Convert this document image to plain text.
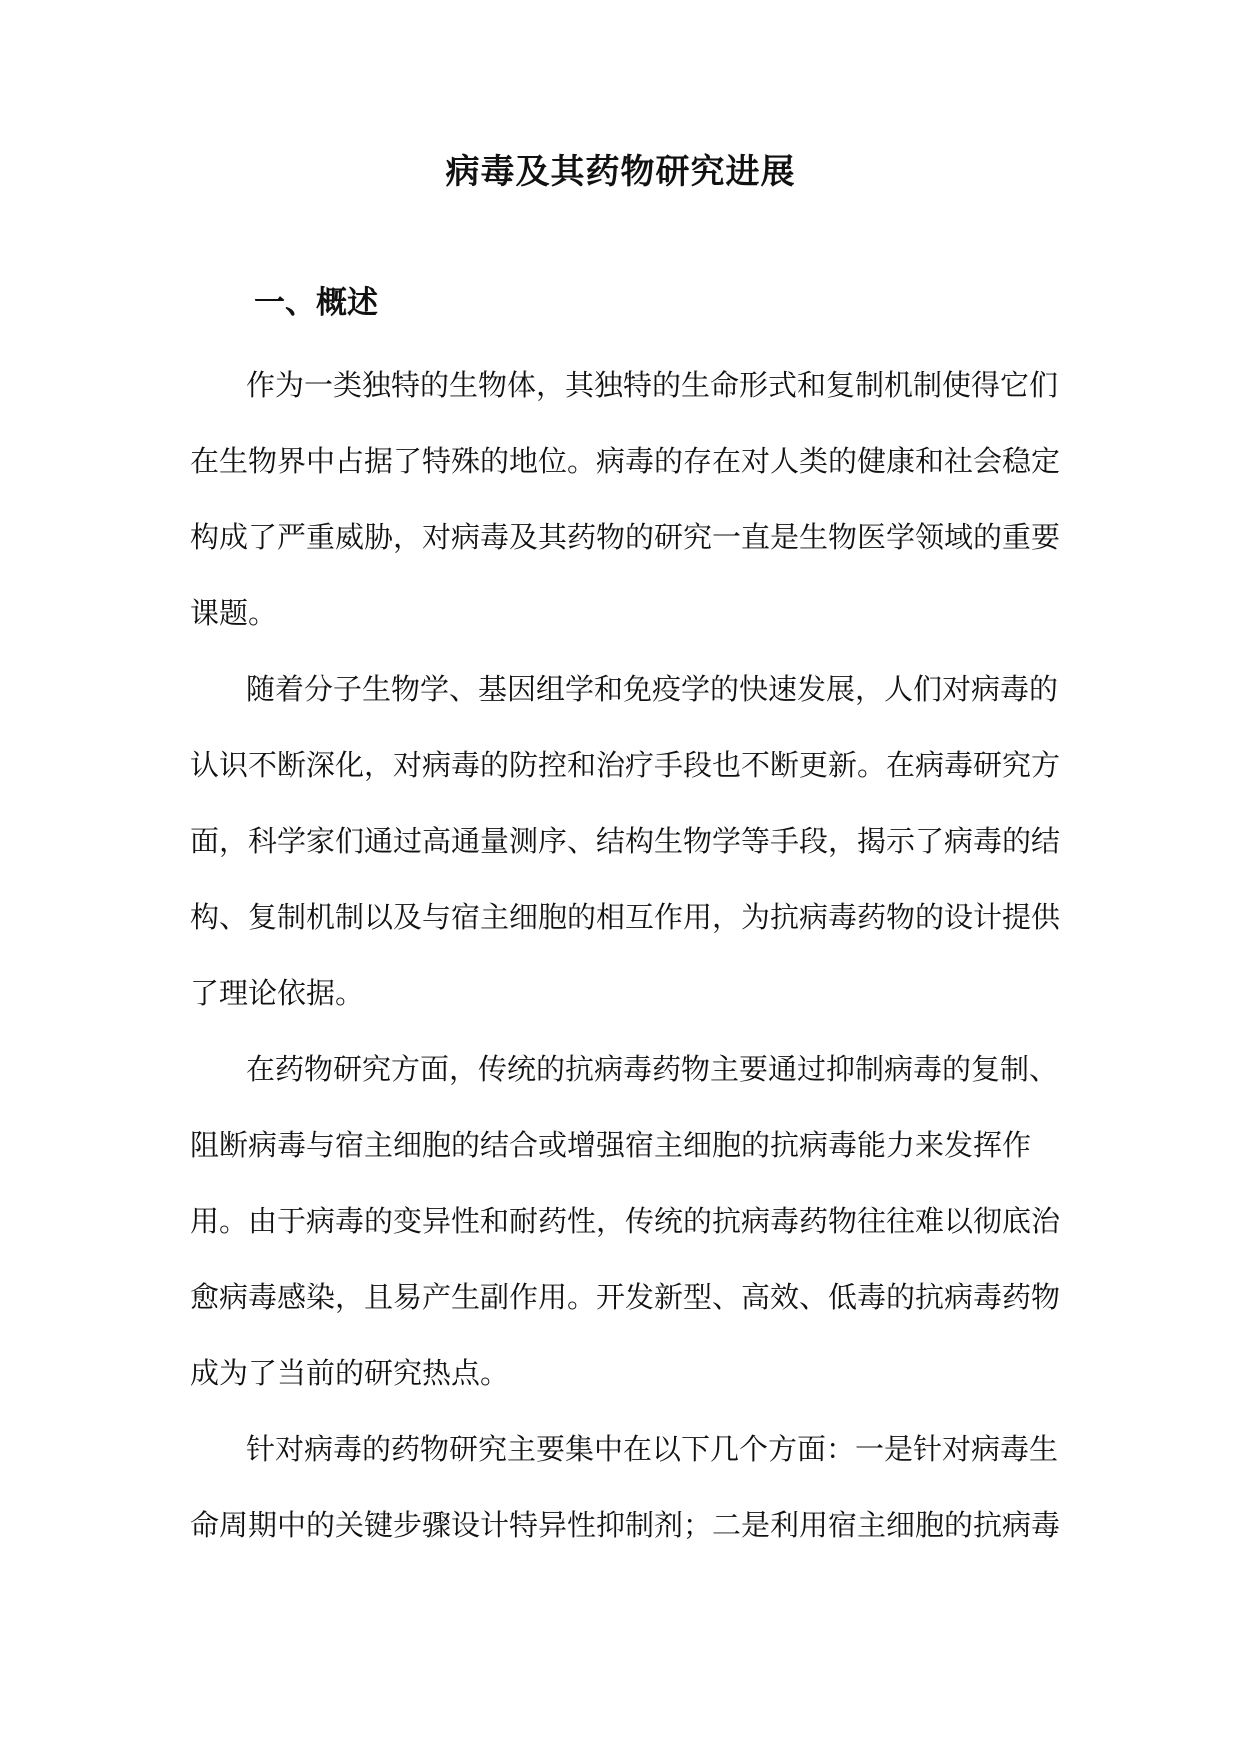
病毒及其药物研究进展
一、概述

作为一类独特的生物体，其独特的生命形式和复制机制使得它们

在生物界中占据了特殊的地位。病毒的存在对人类的健康和社会稳定

构成了严重威胁，对病毒及其药物的研究一直是生物医学领域的重要

课题。

随着分子生物学、基因组学和免疫学的快速发展，人们对病毒的

认识不断深化，对病毒的防控和治疗手段也不断更新。在病毒研究方

面，科学家们通过高通量测序、结构生物学等手段，揭示了病毒的结

构、复制机制以及与宿主细胞的相互作用，为抗病毒药物的设计提供

了理论依据。

在药物研究方面，传统的抗病毒药物主要通过抑制病毒的复制、

阻断病毒与宿主细胞的结合或增强宿主细胞的抗病毒能力来发挥作

用。由于病毒的变异性和耐药性，传统的抗病毒药物往往难以彻底治

愈病毒感染，且易产生副作用。开发新型、高效、低毒的抗病毒药物

成为了当前的研究热点。

针对病毒的药物研究主要集中在以下几个方面：一是针对病毒生

命周期中的关键步骤设计特异性抑制剂；二是利用宿主细胞的抗病毒
